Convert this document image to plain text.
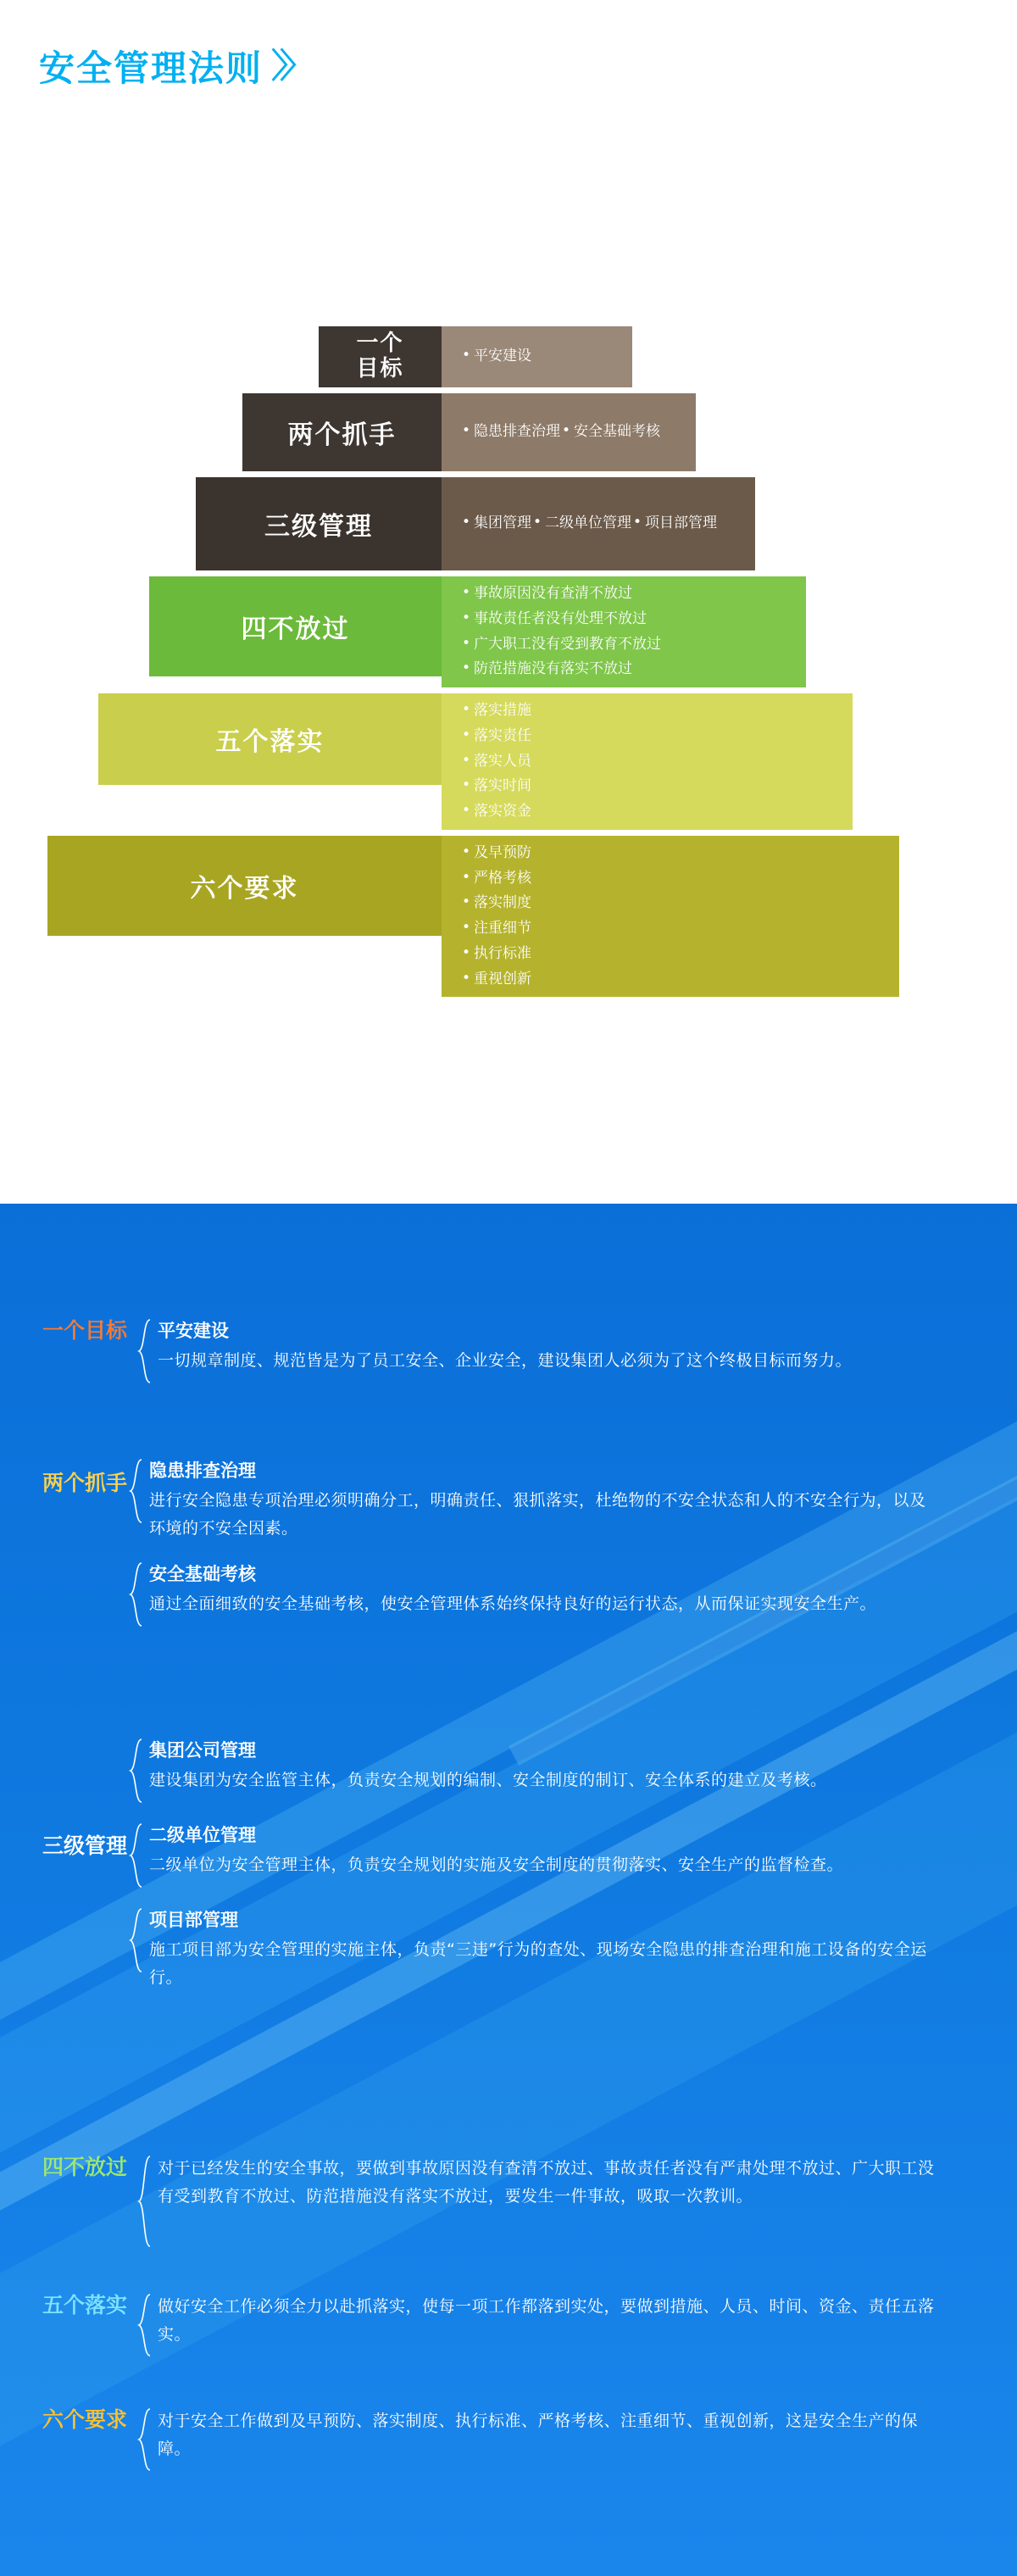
安全管理法则 〉〉
一个
目标	• 平安建设
两个抓手	• 隐患排查治理 • 安全基础考核
三级管理	• 集团管理 • 二级单位管理 • 项目部管理
四不放过
• 事故原因没有查清不放过
• 事故责任者没有处理不放过
• 广大职工没有受到教育不放过
• 防范措施没有落实不放过
五个落实
• 落实措施
• 落实责任
• 落实人员
• 落实时间
• 落实资金
六个要求
• 及早预防
• 严格考核
• 落实制度
• 注重细节
• 执行标准
• 重视创新
一个目标	平安建设
一切规章制度、规范皆是为了员工安全、企业安全，建设集团人必须为了这个终极目标而努力。
两个抓手	隐患排查治理
进行安全隐患专项治理必须明确分工，明确责任、狠抓落实，杜绝物的不安全状态和人的不安全行为，以及环境的不安全因素。
安全基础考核
通过全面细致的安全基础考核，使安全管理体系始终保持良好的运行状态，从而保证实现安全生产。
三级管理
集团公司管理
建设集团为安全监管主体，负责安全规划的编制、安全制度的制订、安全体系的建立及考核。
二级单位管理
二级单位为安全管理主体，负责安全规划的实施及安全制度的贯彻落实、安全生产的监督检查。
项目部管理
施工项目部为安全管理的实施主体，负责“三违”行为的查处、现场安全隐患的排查治理和施工设备的安全运行。
四不放过	对于已经发生的安全事故，要做到事故原因没有查清不放过、事故责任者没有严肃处理不放过、广大职工没有受到教育不放过、防范措施没有落实不放过，要发生一件事故，吸取一次教训。
五个落实	做好安全工作必须全力以赴抓落实，使每一项工作都落到实处，要做到措施、人员、时间、资金、责任五落实。
六个要求	对于安全工作做到及早预防、落实制度、执行标准、严格考核、注重细节、重视创新，这是安全生产的保障。
